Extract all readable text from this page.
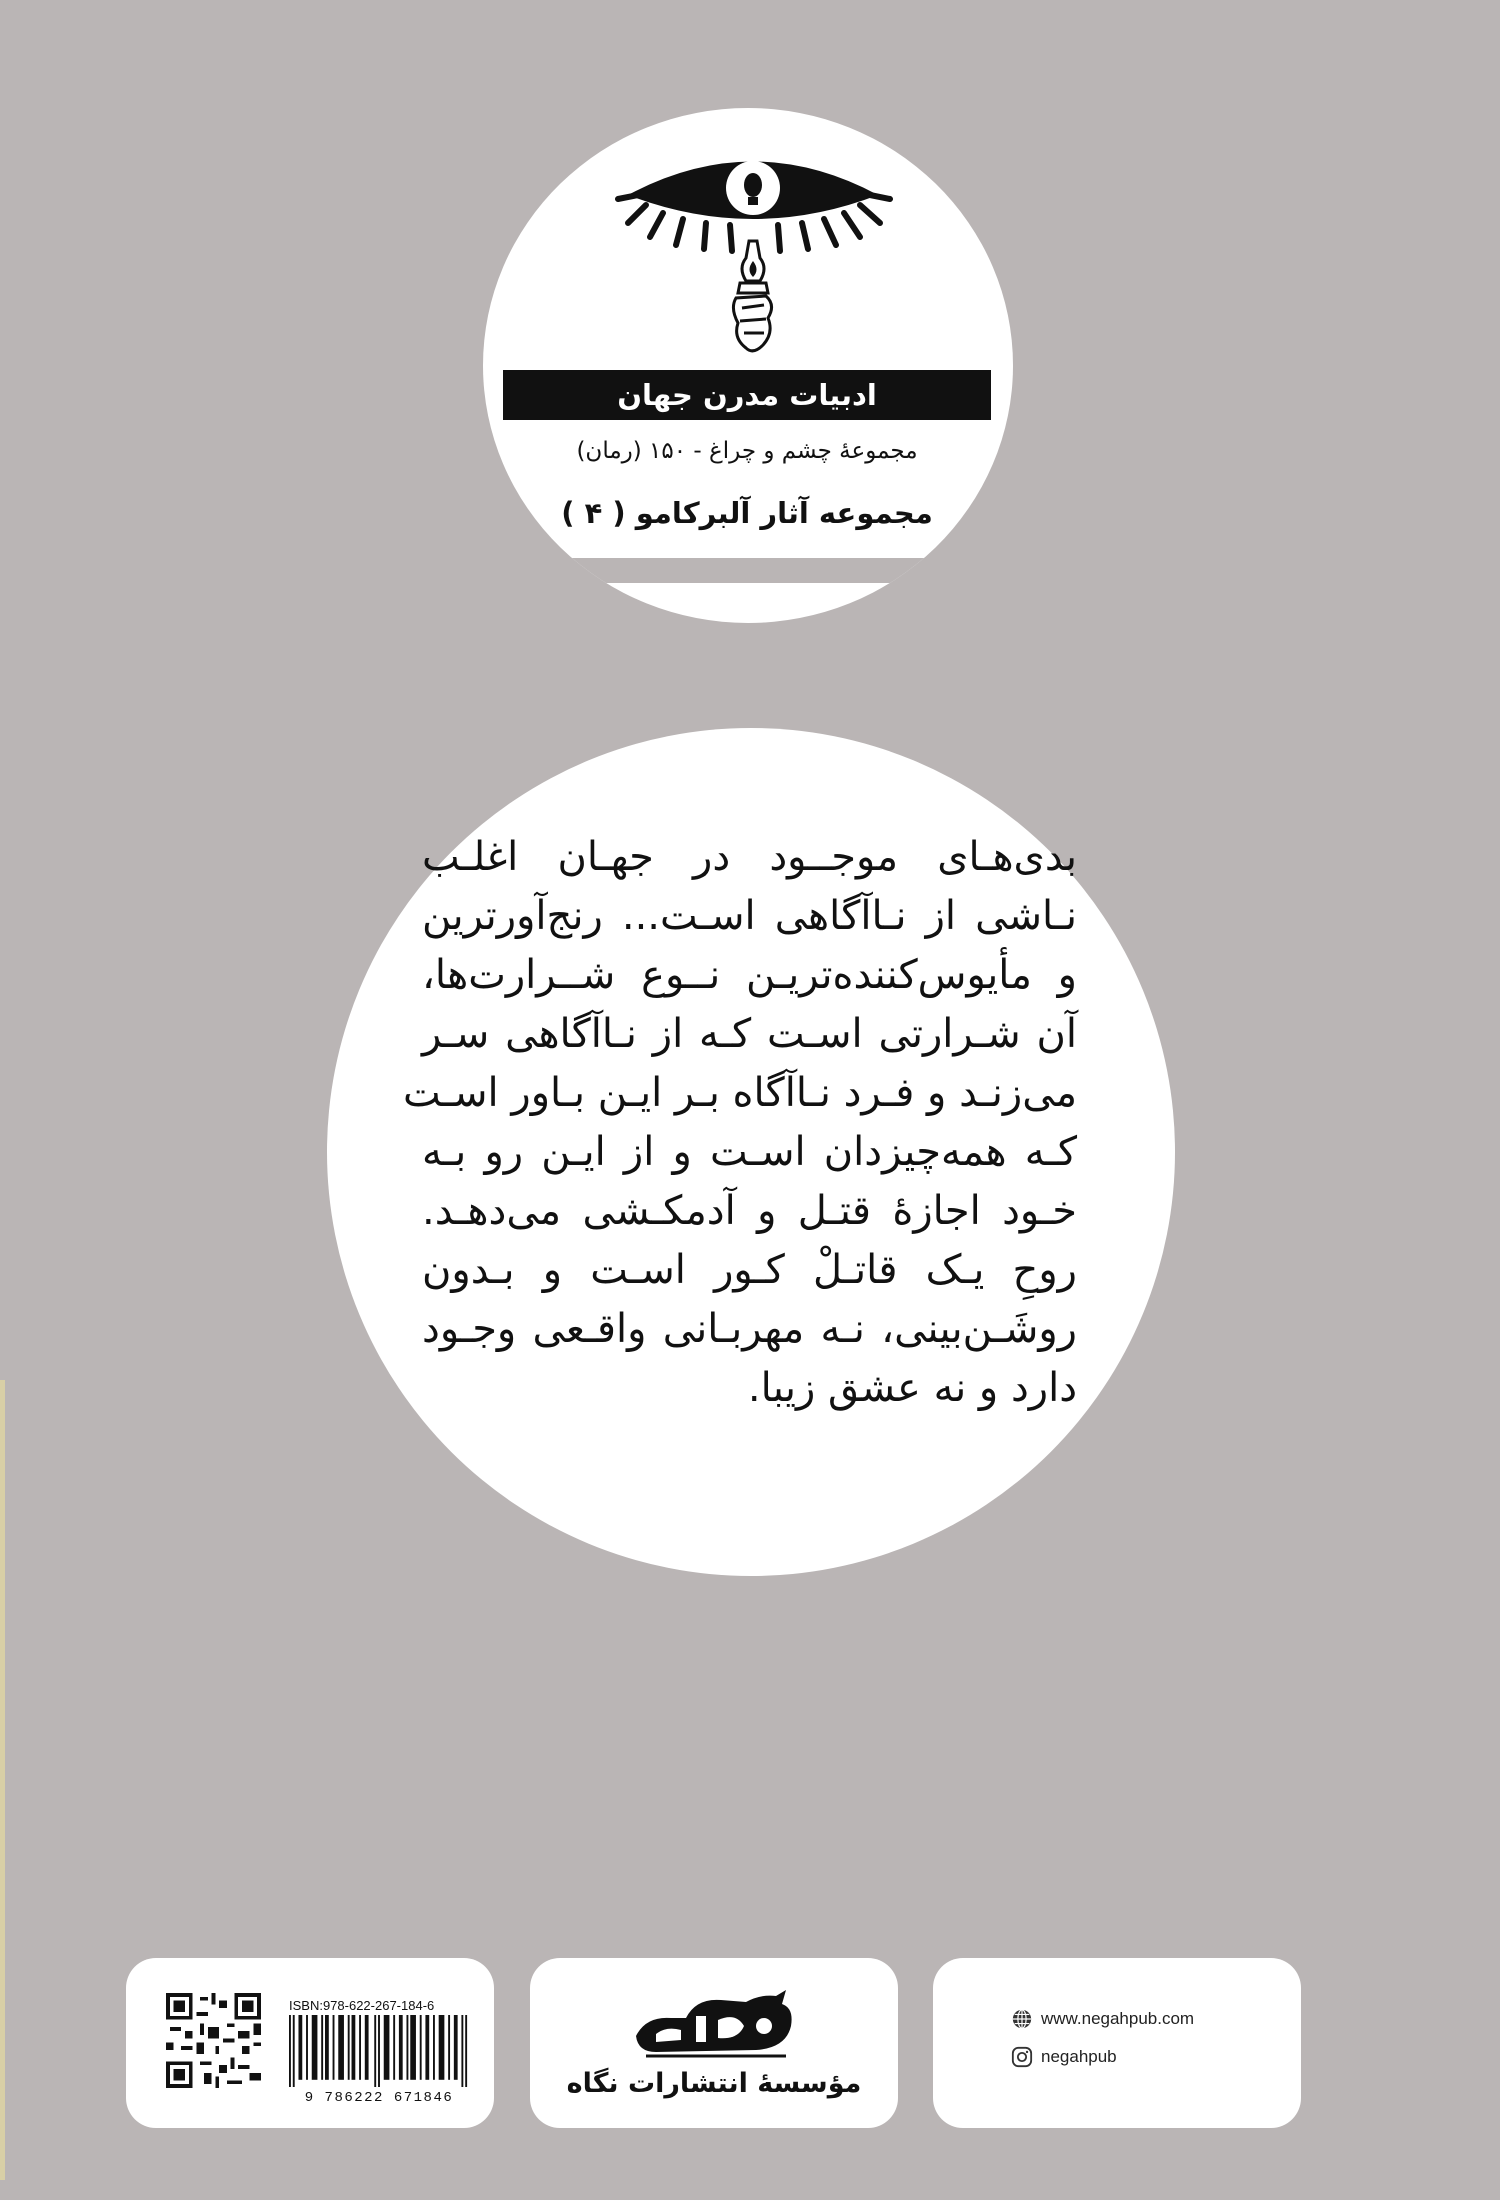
ادبیات مدرن جهان
مجموعهٔ چشم و چراغ - ۱۵۰ (رمان)
مجموعه آثار آلبرکامو ( ۴ )
بدی‌هـای موجــود در جهـان اغلـب
نـاشی از نـاآگاهی اسـت... رنج‌آورترین
و مأیوس‌کننده‌تریـن نــوع شــرارت‌ها،
آن شـرارتی اسـت کـه از نـاآگاهی سـر
می‌زنـد و فـرد نـاآگاه بـر ایـن بـاور اسـت
کـه همه‌چیزدان اسـت و از ایـن رو بـه
خـود اجازهٔ قتـل و آدمکـشی می‌دهـد.
روحِ یـک قاتـلْ کـور اسـت و بـدون
روشَـن‌بینی، نـه مهربـانی واقـعی وجـود
دارد و نه عشق زیبا.
ISBN:978-622-267-184-6
9 786222 671846	مؤسسهٔ انتشارات نگاه
www.negahpub.com
negahpub
